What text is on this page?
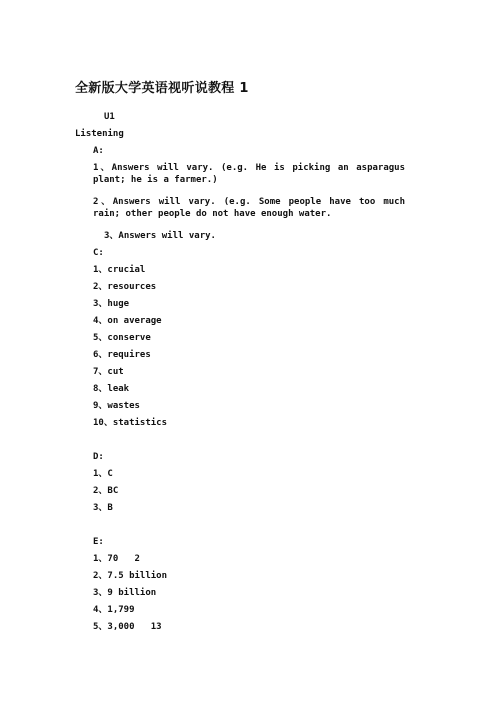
全新版大学英语视听说教程 1
U1
Listening
A:
1、Answers will vary. (e.g. He is picking an asparagus plant; he is a farmer.)
2、Answers will vary. (e.g. Some people have too much rain; other people do not have enough water.
3、Answers will vary.
C:
1、crucial
2、resources
3、huge
4、on average
5、conserve
6、requires
7、cut
8、leak
9、wastes
10、statistics
D:
1、C
2、BC
3、B
E:
1、70   2
2、7.5 billion
3、9 billion
4、1,799
5、3,000   13
